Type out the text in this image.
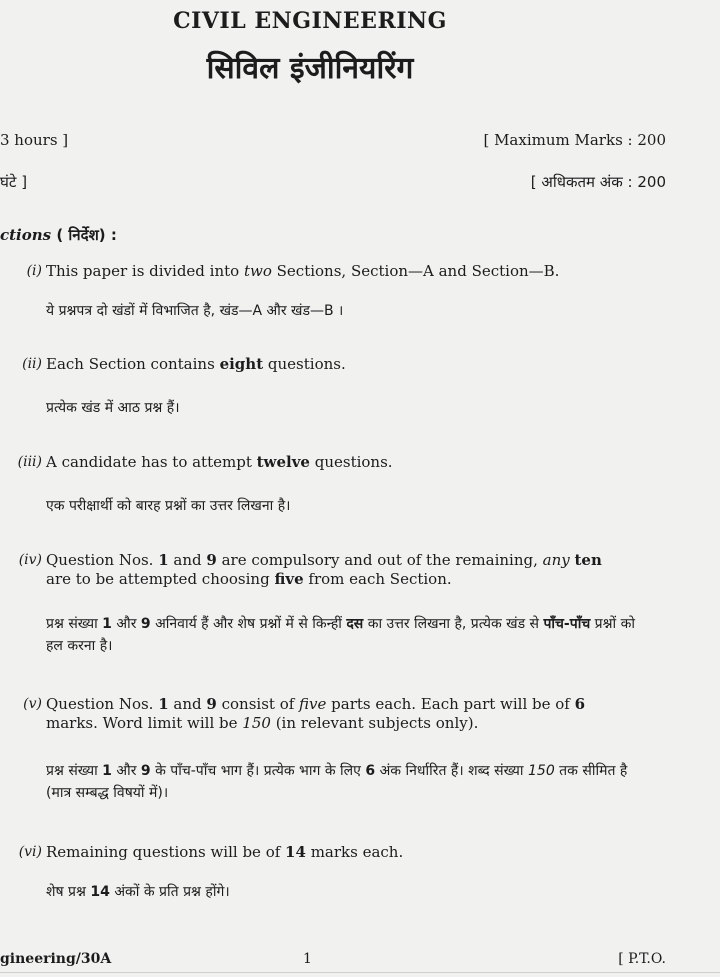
CIVIL ENGINEERING
सिविल इंजीनियरिंग
3 hours ]	[ Maximum Marks : 200
घंटे ]	[ अधिकतम अंक : 200
ctions ( निर्देश) :
(i) This paper is divided into two Sections, Section—A and Section—B.
ये प्रश्नपत्र दो खंडों में विभाजित है, खंड—A और खंड—B ।
(ii) Each Section contains eight questions.
प्रत्येक खंड में आठ प्रश्न हैं।
(iii) A candidate has to attempt twelve questions.
एक परीक्षार्थी को बारह प्रश्नों का उत्तर लिखना है।
(iv) Question Nos. 1 and 9 are compulsory and out of the remaining, any ten are to be attempted choosing five from each Section.
प्रश्न संख्या 1 और 9 अनिवार्य हैं और शेष प्रश्नों में से किन्हीं दस का उत्तर लिखना है, प्रत्येक खंड से पाँच-पाँच प्रश्नों को हल करना है।
(v) Question Nos. 1 and 9 consist of five parts each. Each part will be of 6 marks. Word limit will be 150 (in relevant subjects only).
प्रश्न संख्या 1 और 9 के पाँच-पाँच भाग हैं। प्रत्येक भाग के लिए 6 अंक निर्धारित हैं। शब्द संख्या 150 तक सीमित है (मात्र सम्बद्ध विषयों में)।
(vi) Remaining questions will be of 14 marks each.
शेष प्रश्न 14 अंकों के प्रति प्रश्न होंगे।
gineering/30A	1	[ P.T.O.
